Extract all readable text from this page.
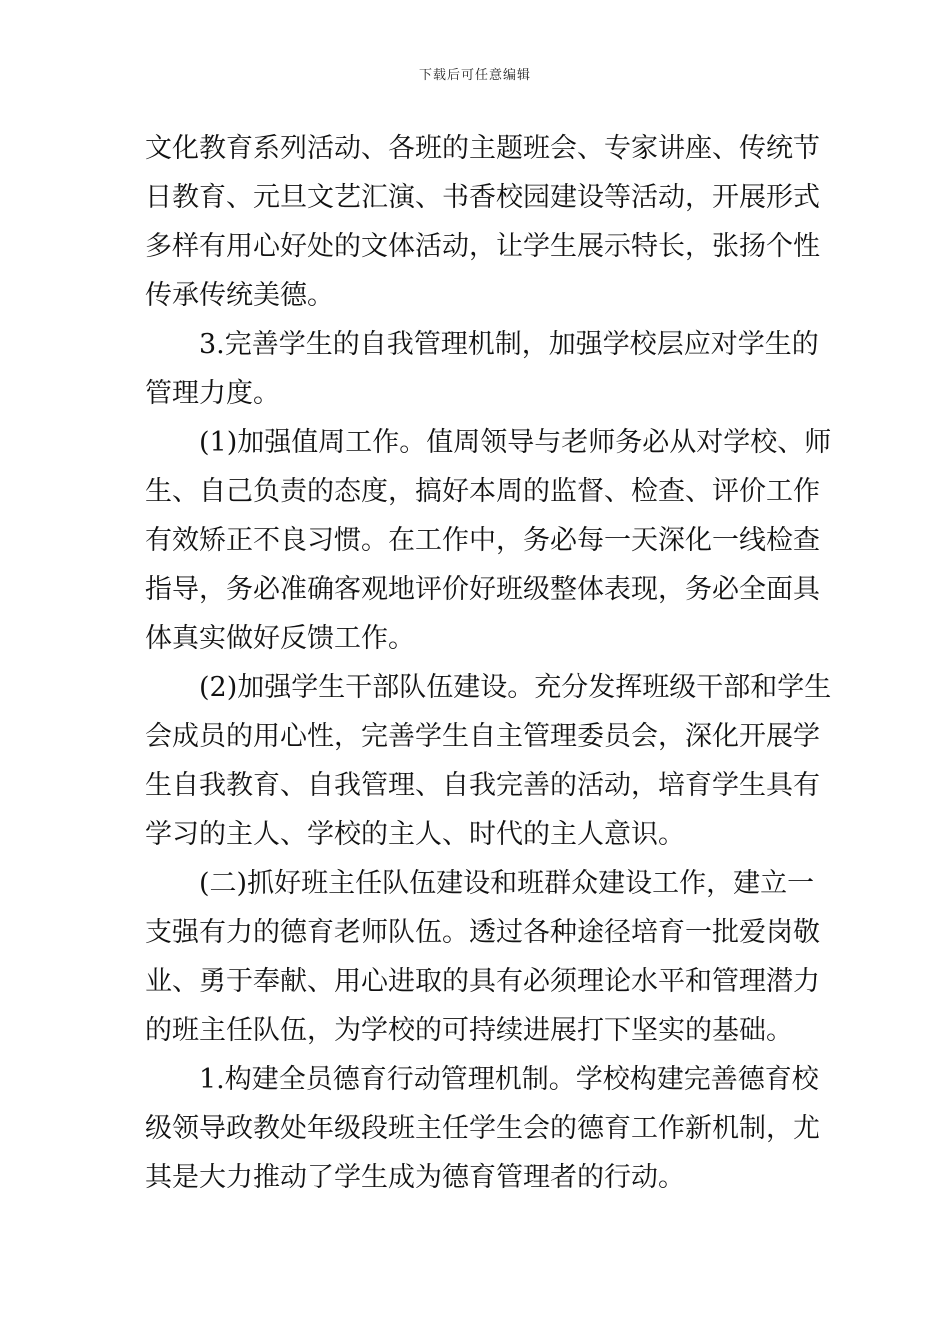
下载后可任意编辑
文化教育系列活动、各班的主题班会、专家讲座、传统节
日教育、元旦文艺汇演、书香校园建设等活动，开展形式
多样有用心好处的文体活动，让学生展示特长，张扬个性
传承传统美德。
3.完善学生的自我管理机制，加强学校层应对学生的
管理力度。
(1)加强值周工作。值周领导与老师务必从对学校、师
生、自己负责的态度，搞好本周的监督、检查、评价工作
有效矫正不良习惯。在工作中，务必每一天深化一线检查
指导，务必准确客观地评价好班级整体表现，务必全面具
体真实做好反馈工作。
(2)加强学生干部队伍建设。充分发挥班级干部和学生
会成员的用心性，完善学生自主管理委员会，深化开展学
生自我教育、自我管理、自我完善的活动，培育学生具有
学习的主人、学校的主人、时代的主人意识。
(二)抓好班主任队伍建设和班群众建设工作，建立一
支强有力的德育老师队伍。透过各种途径培育一批爱岗敬
业、勇于奉献、用心进取的具有必须理论水平和管理潜力
的班主任队伍，为学校的可持续进展打下坚实的基础。
1.构建全员德育行动管理机制。学校构建完善德育校
级领导政教处年级段班主任学生会的德育工作新机制，尤
其是大力推动了学生成为德育管理者的行动。
